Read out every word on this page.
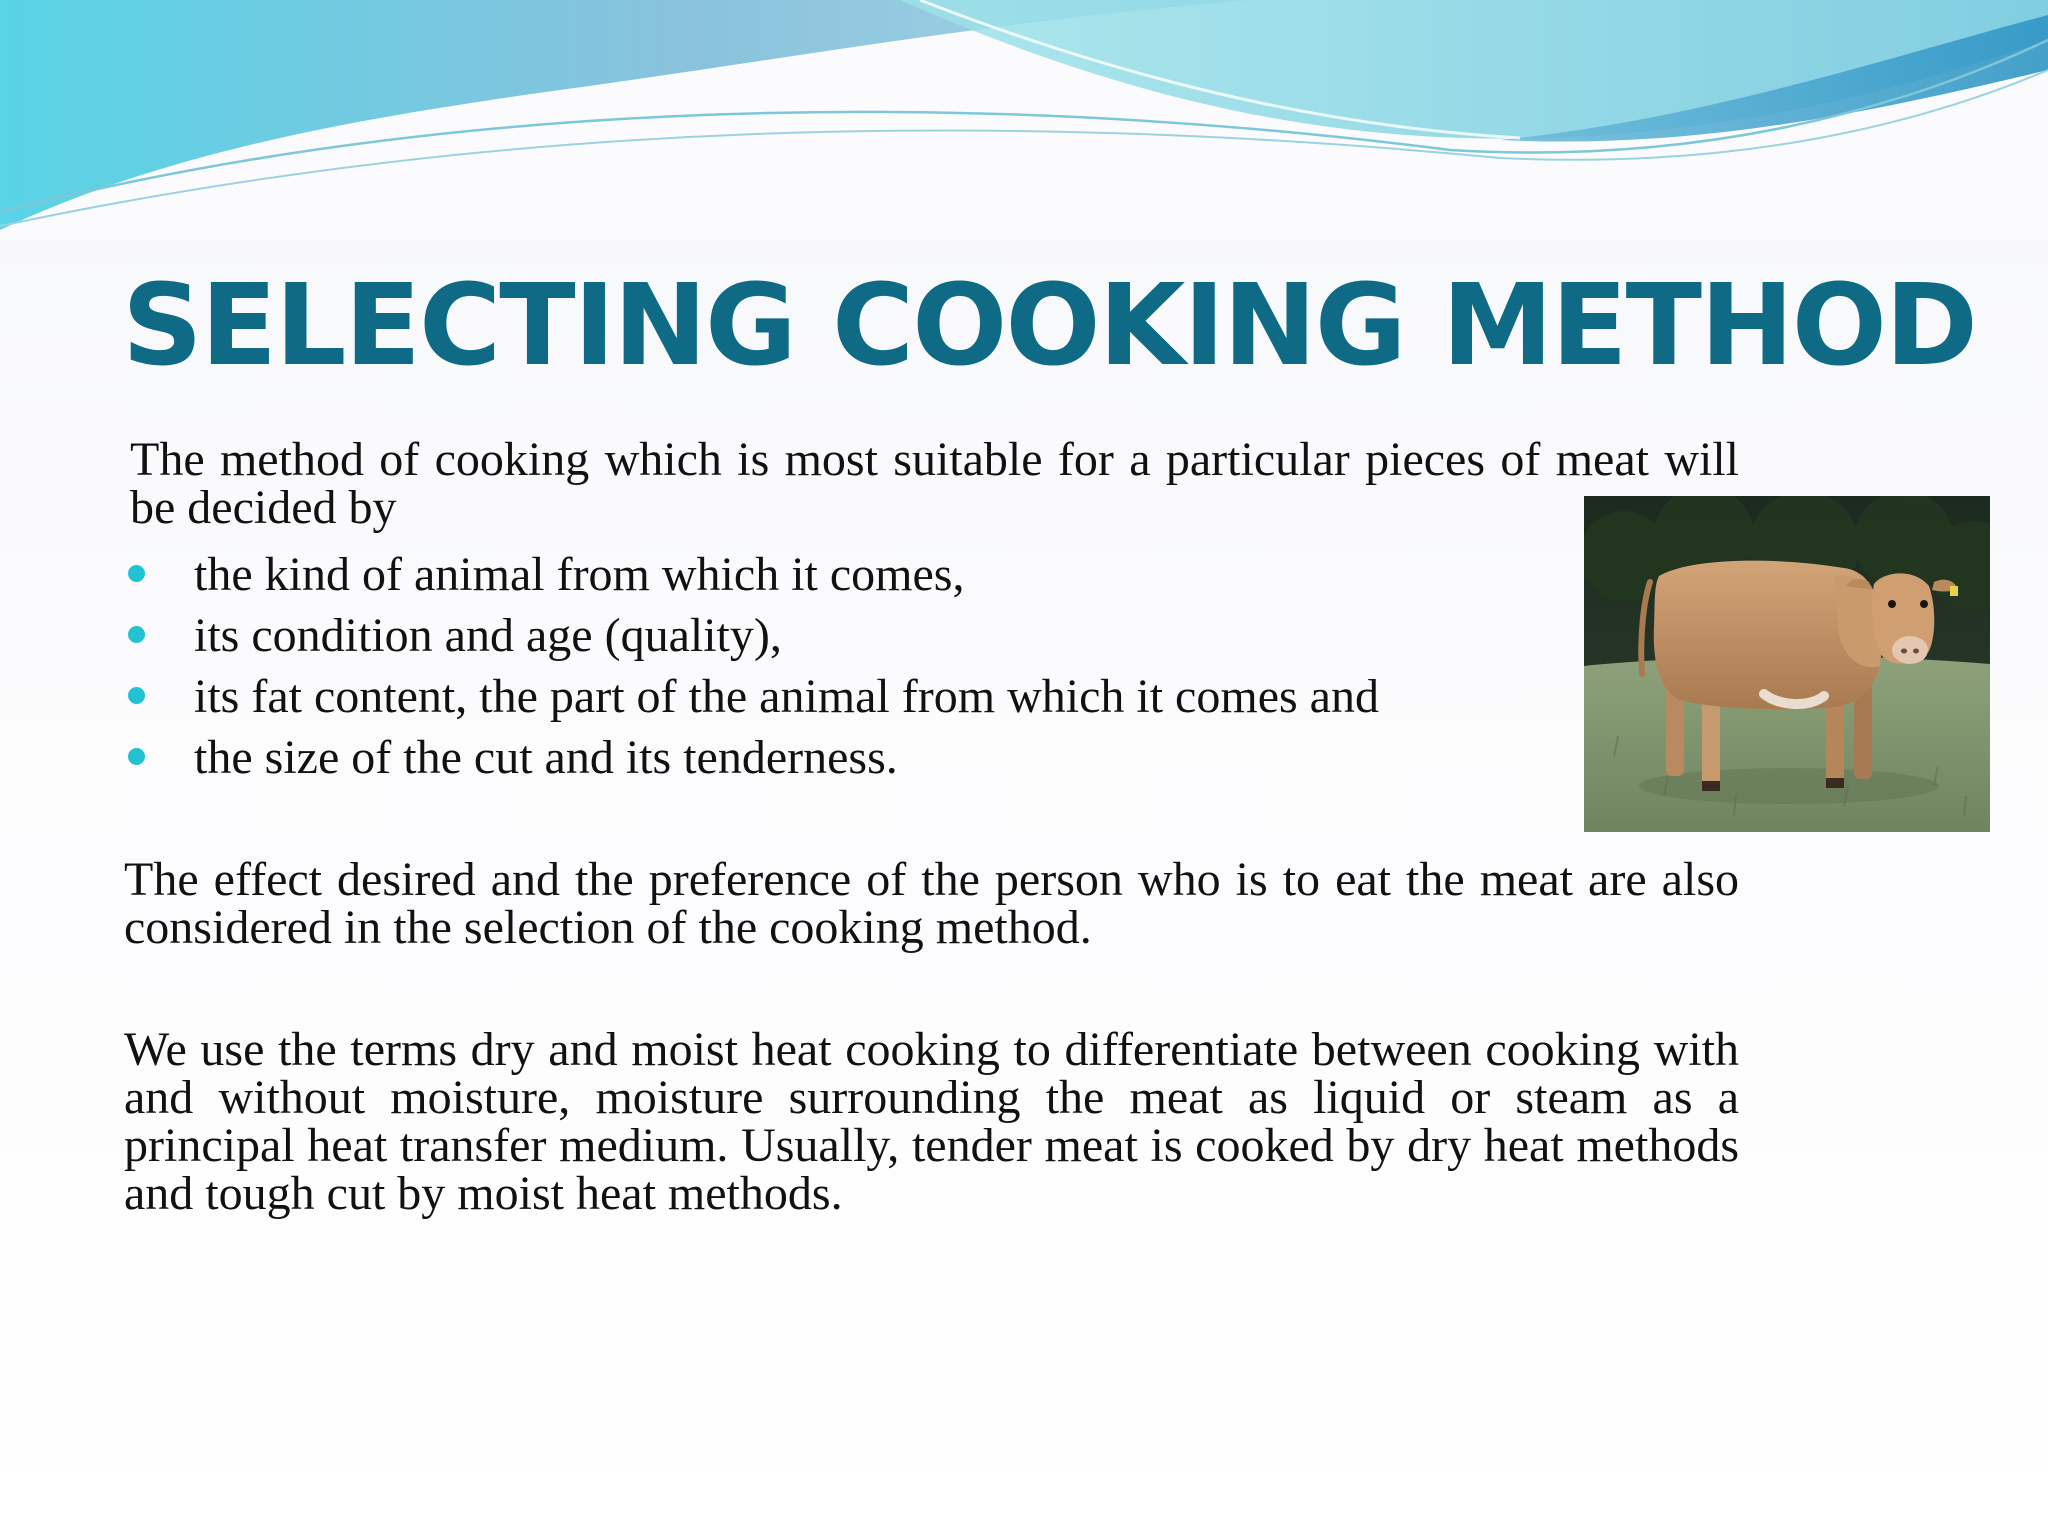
SELECTING COOKING METHOD

The method of cooking which is most suitable for a particular pieces of meat will be decided by

the kind of animal from which it comes,
its condition and age (quality),
its fat content, the part of the animal from which it comes and
the size of the cut and its tenderness.

The effect desired and the preference of the person who is to eat the meat are also considered in the selection of the cooking method.

We use the terms dry and moist heat cooking to differentiate between cooking with and without moisture, moisture surrounding the meat as liquid or steam as a principal heat transfer medium. Usually, tender meat is cooked by dry heat methods and tough cut by moist heat methods.
